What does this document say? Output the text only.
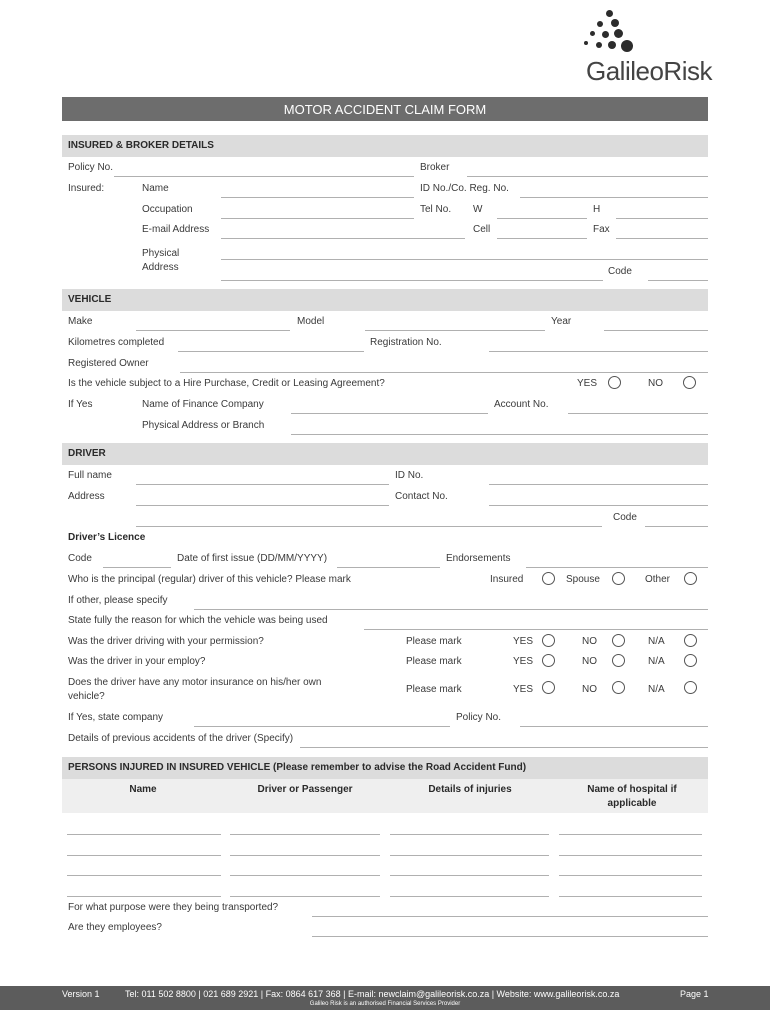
GalileoRisk
MOTOR ACCIDENT CLAIM FORM
INSURED & BROKER DETAILS
Policy No.	Broker
Insured:	Name	ID No./Co. Reg. No.
Occupation	Tel No. W	H
E-mail Address	Cell	Fax
Physical
Address	Code
VEHICLE
Make	Model	Year
Kilometres completed	Registration No.
Registered Owner
Is the vehicle subject to a Hire Purchase, Credit or Leasing Agreement?	YES	NO
If Yes	Name of Finance Company	Account No.
Physical Address or Branch
DRIVER
Full name	ID No.
Address	Contact No.
Code
Driver’s Licence
Code	Date of first issue (DD/MM/YYYY)	Endorsements
Who is the principal (regular) driver of this vehicle? Please mark	Insured	Spouse	Other
If other, please specify
State fully the reason for which the vehicle was being used
Was the driver driving with your permission?	Please mark	YES	NO	N/A
Was the driver in your employ?	Please mark	YES	NO	N/A
Does the driver have any motor insurance on his/her own
vehicle?
Please mark	YES	NO	N/A
If Yes, state company	Policy No.
Details of previous accidents of the driver (Specify)
PERSONS INJURED IN INSURED VEHICLE (Please remember to advise the Road Accident Fund)
Name	Driver or Passenger	Details of injuries	Name of hospital if applicable
For what purpose were they being transported?
Are they employees?
Version 1	Tel: 011 502 8800 | 021 689 2921 | Fax: 0864 617 368 | E-mail: newclaim@galileorisk.co.za | Website: www.galileorisk.co.za	Page 1
Galileo Risk is an authorised Financial Services Provider
